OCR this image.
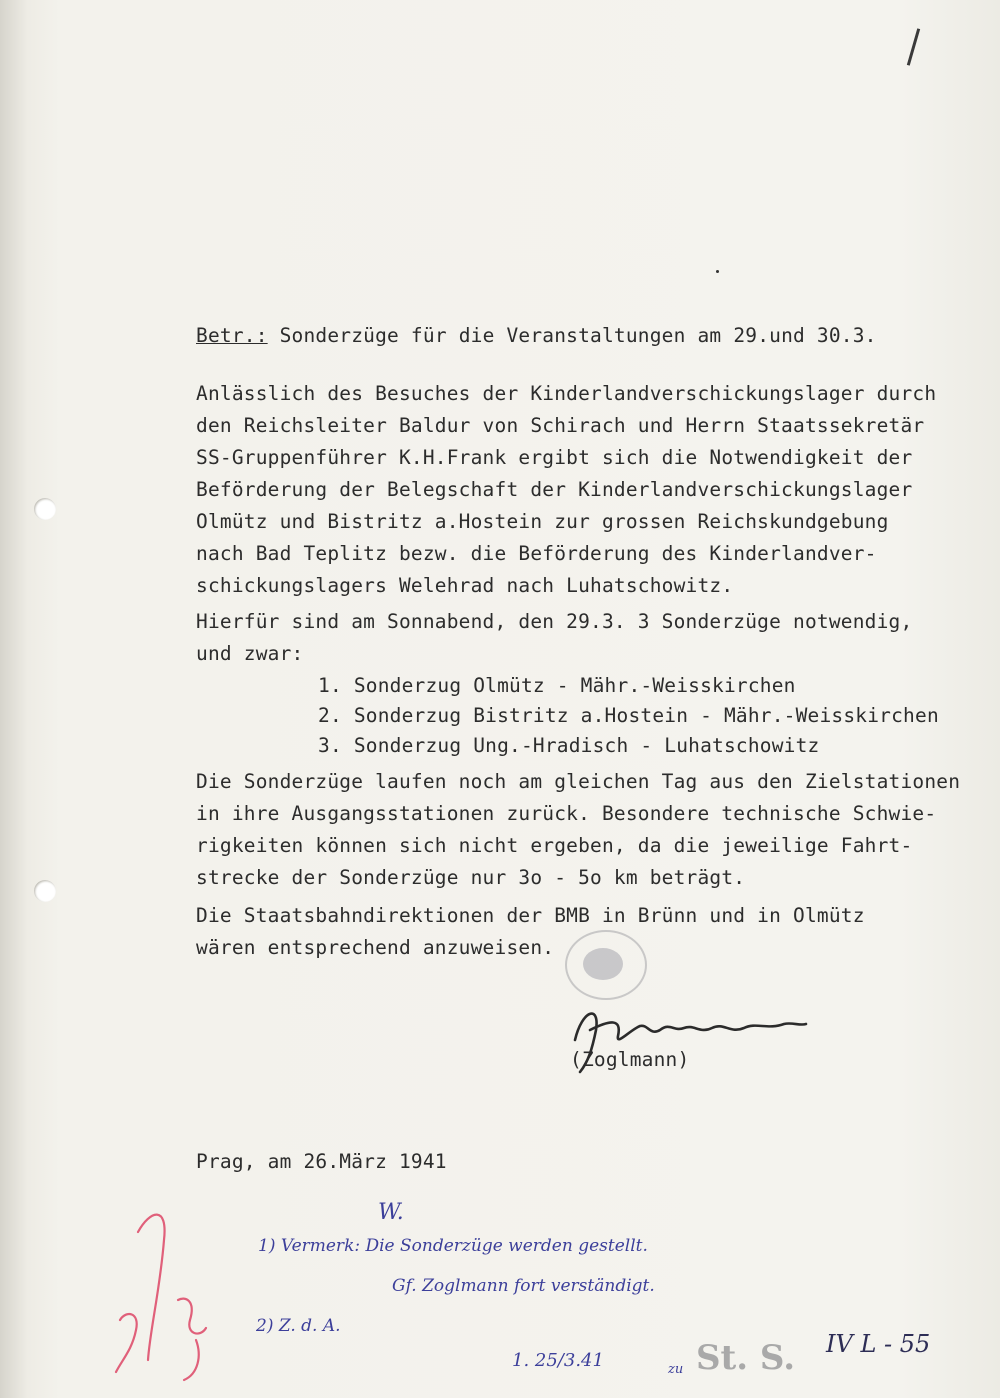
Betr.: Sonderzüge für die Veranstaltungen am 29.und 30.3.
Anlässlich des Besuches der Kinderlandverschickungslager durch
den Reichsleiter Baldur von Schirach und Herrn Staatssekretär
SS-Gruppenführer K.H.Frank ergibt sich die Notwendigkeit der
Beförderung der Belegschaft der Kinderlandverschickungslager
Olmütz und Bistritz a.Hostein zur grossen Reichskundgebung
nach Bad Teplitz bezw. die Beförderung des Kinderlandver-
schickungslagers Welehrad nach Luhatschowitz.
Hierfür sind am Sonnabend, den 29.3. 3 Sonderzüge notwendig,
und zwar:
1. Sonderzug Olmütz - Mähr.-Weisskirchen
2. Sonderzug Bistritz a.Hostein - Mähr.-Weisskirchen
3. Sonderzug Ung.-Hradisch - Luhatschowitz
Die Sonderzüge laufen noch am gleichen Tag aus den Zielstationen
in ihre Ausgangsstationen zurück. Besondere technische Schwie-
rigkeiten können sich nicht ergeben, da die jeweilige Fahrt-
strecke der Sonderzüge nur 3o - 5o km beträgt.
Die Staatsbahndirektionen der BMB in Brünn und in Olmütz
wären entsprechend anzuweisen.
(Zoglmann)
Prag, am 26.März 1941
W.
1) Vermerk: Die Sonderzüge werden gestellt.
Gf. Zoglmann fort verständigt.
2) Z. d. A.
1. 25/3.41	zu St. S. IV L - 55
